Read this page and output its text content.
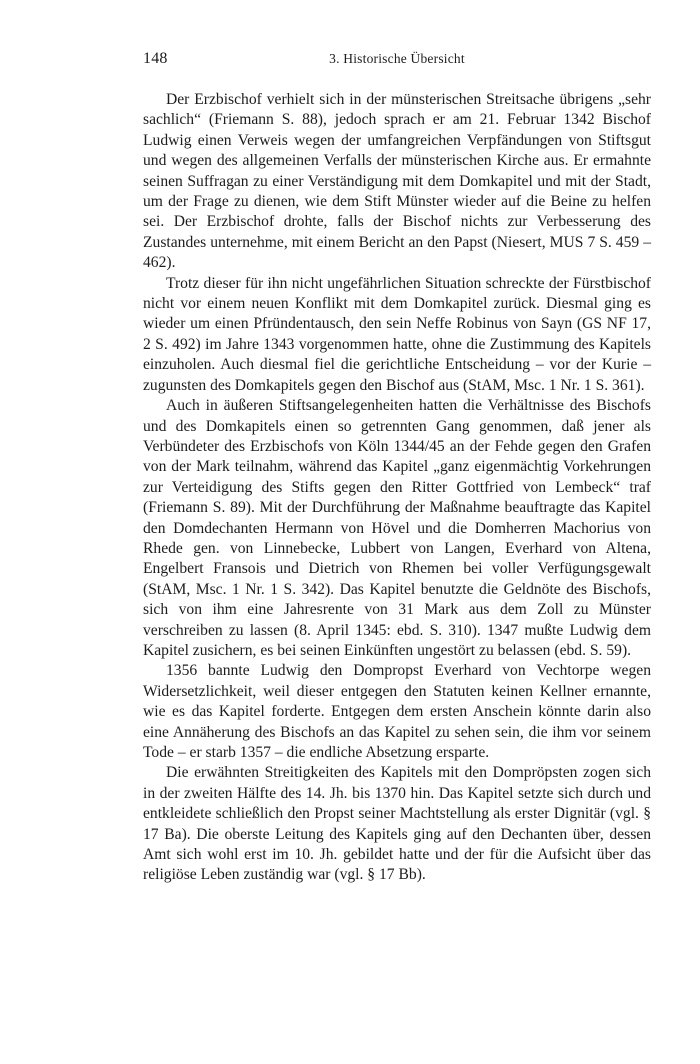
148	3. Historische Übersicht

Der Erzbischof verhielt sich in der münsterischen Streitsache übrigens „sehr sachlich“ (Friemann S. 88), jedoch sprach er am 21. Februar 1342 Bischof Ludwig einen Verweis wegen der umfangreichen Verpfändungen von Stiftsgut und wegen des allgemeinen Verfalls der münsterischen Kirche aus. Er ermahnte seinen Suffragan zu einer Verständigung mit dem Domkapitel und mit der Stadt, um der Frage zu dienen, wie dem Stift Münster wieder auf die Beine zu helfen sei. Der Erzbischof drohte, falls der Bischof nichts zur Verbesserung des Zustandes unternehme, mit einem Bericht an den Papst (Niesert, MUS 7 S. 459 – 462).

Trotz dieser für ihn nicht ungefährlichen Situation schreckte der Fürstbischof nicht vor einem neuen Konflikt mit dem Domkapitel zurück. Diesmal ging es wieder um einen Pfründentausch, den sein Neffe Robinus von Sayn (GS NF 17, 2 S. 492) im Jahre 1343 vorgenommen hatte, ohne die Zustimmung des Kapitels einzuholen. Auch diesmal fiel die gerichtliche Entscheidung – vor der Kurie – zugunsten des Domkapitels gegen den Bischof aus (StAM, Msc. 1 Nr. 1 S. 361).

Auch in äußeren Stiftsangelegenheiten hatten die Verhältnisse des Bischofs und des Domkapitels einen so getrennten Gang genommen, daß jener als Verbündeter des Erzbischofs von Köln 1344/45 an der Fehde gegen den Grafen von der Mark teilnahm, während das Kapitel „ganz eigenmächtig Vorkehrungen zur Verteidigung des Stifts gegen den Ritter Gottfried von Lembeck“ traf (Friemann S. 89). Mit der Durchführung der Maßnahme beauftragte das Kapitel den Domdechanten Hermann von Hövel und die Domherren Machorius von Rhede gen. von Linnebecke, Lubbert von Langen, Everhard von Altena, Engelbert Fransois und Dietrich von Rhemen bei voller Verfügungsgewalt (StAM, Msc. 1 Nr. 1 S. 342). Das Kapitel benutzte die Geldnöte des Bischofs, sich von ihm eine Jahresrente von 31 Mark aus dem Zoll zu Münster verschreiben zu lassen (8. April 1345: ebd. S. 310). 1347 mußte Ludwig dem Kapitel zusichern, es bei seinen Einkünften ungestört zu belassen (ebd. S. 59).

1356 bannte Ludwig den Dompropst Everhard von Vechtorpe wegen Widersetzlichkeit, weil dieser entgegen den Statuten keinen Kellner ernannte, wie es das Kapitel forderte. Entgegen dem ersten Anschein könnte darin also eine Annäherung des Bischofs an das Kapitel zu sehen sein, die ihm vor seinem Tode – er starb 1357 – die endliche Absetzung ersparte.

Die erwähnten Streitigkeiten des Kapitels mit den Dompröpsten zogen sich in der zweiten Hälfte des 14. Jh. bis 1370 hin. Das Kapitel setzte sich durch und entkleidete schließlich den Propst seiner Machtstellung als erster Dignitär (vgl. § 17 Ba). Die oberste Leitung des Kapitels ging auf den Dechanten über, dessen Amt sich wohl erst im 10. Jh. gebildet hatte und der für die Aufsicht über das religiöse Leben zuständig war (vgl. § 17 Bb).
